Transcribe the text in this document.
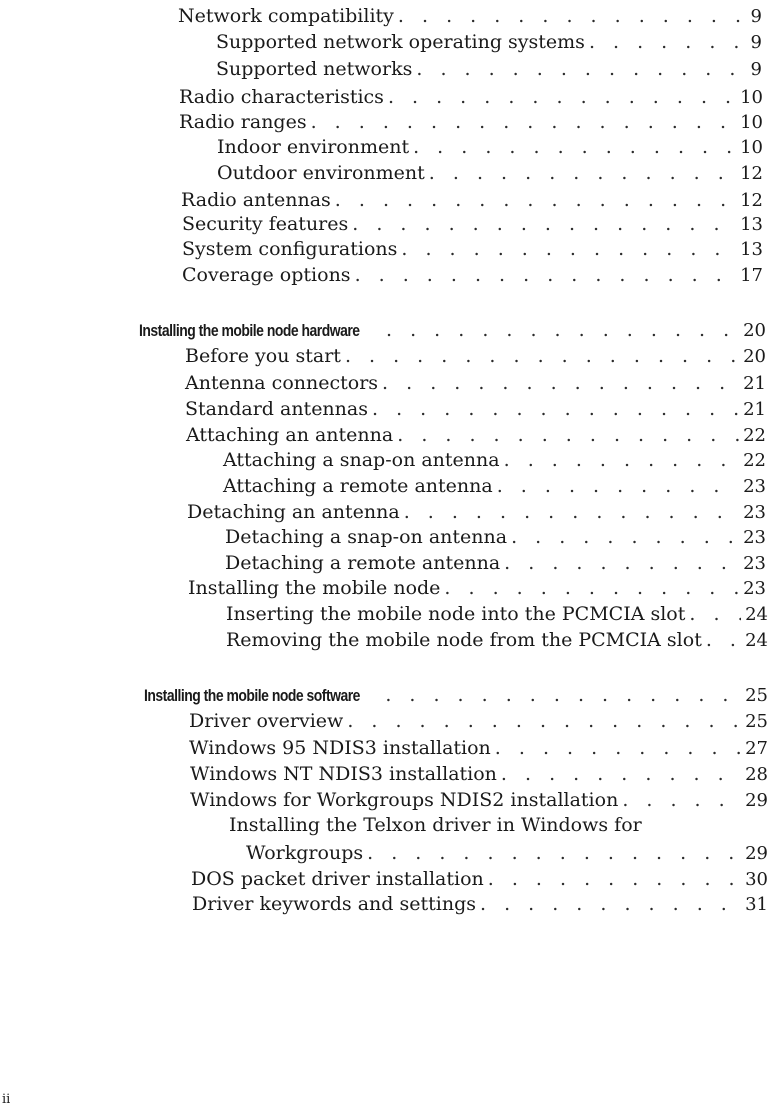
Network compatibility . . .	9
Supported network operating systems . . .	9
Supported networks . . .	9
Radio characteristics . . .	10
Radio ranges . . .	10
Indoor environment . . .	10
Outdoor environment . . .	12
Radio antennas . . .	12
Security features . . .	13
System configurations . . .	13
Coverage options . . .	17
Installing the mobile node hardware . . .	20
Before you start . . .	20
Antenna connectors . . .	21
Standard antennas . . .	21
Attaching an antenna . . .	22
Attaching a snap-on antenna . . .	22
Attaching a remote antenna . . .	23
Detaching an antenna . . .	23
Detaching a snap-on antenna . . .	23
Detaching a remote antenna . . .	23
Installing the mobile node . . .	23
Inserting the mobile node into the PCMCIA slot . . .	24
Removing the mobile node from the PCMCIA slot . . . 24
Installing the mobile node software . . .	25
Driver overview . . .	25
Windows 95 NDIS3 installation . . .	27
Windows NT NDIS3 installation . . .	28
Windows for Workgroups NDIS2 installation . . .	29
Installing the Telxon driver in Windows for
Workgroups . . .	29
DOS packet driver installation . . .	30
Driver keywords and settings . . .	31
ii
